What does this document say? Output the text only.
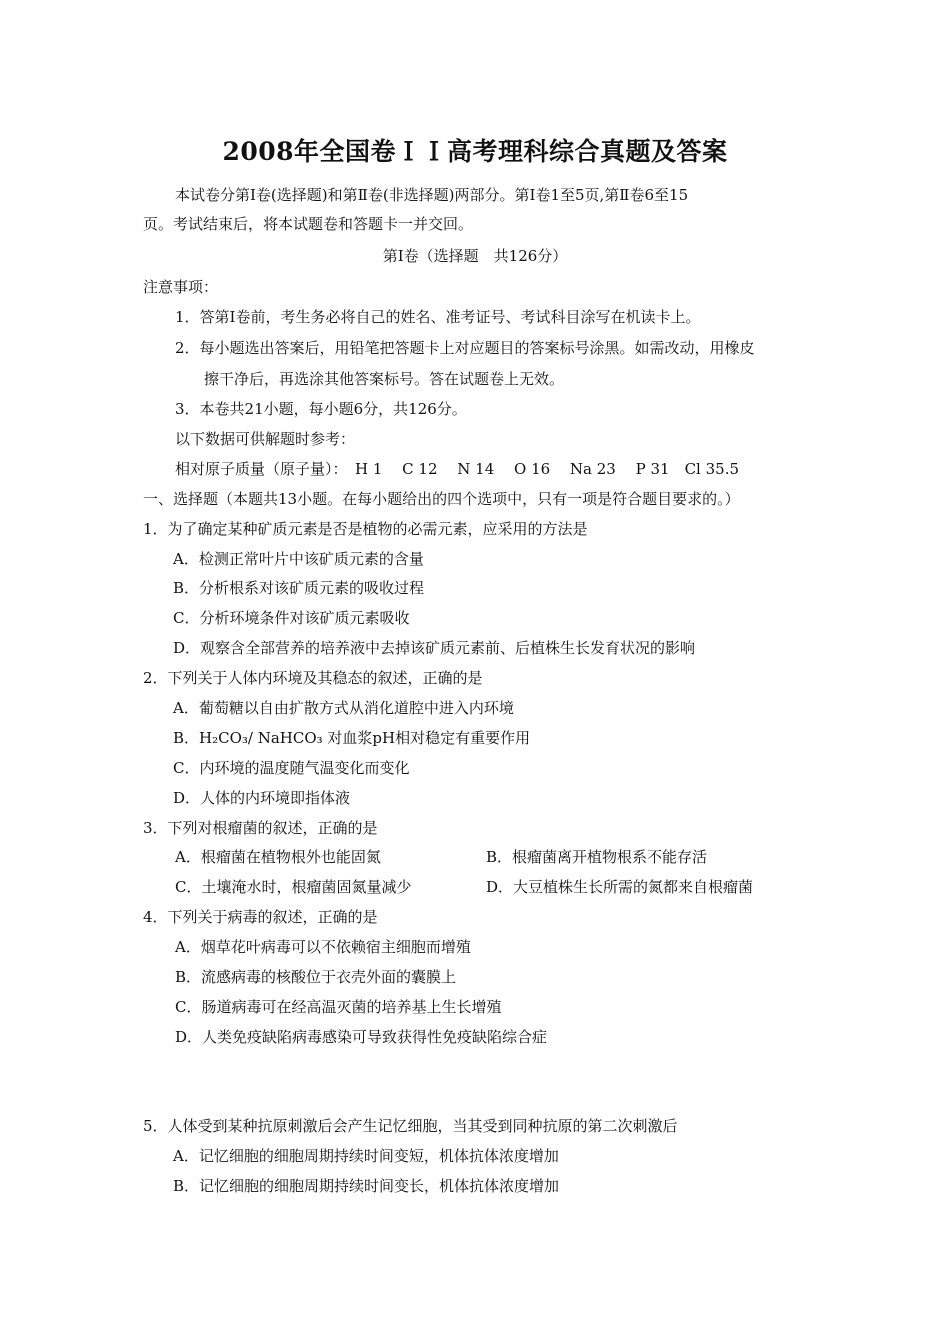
2008年全国卷ＩＩ高考理科综合真题及答案
本试卷分第Ⅰ卷(选择题)和第Ⅱ卷(非选择题)两部分。第Ⅰ卷1至5页,第Ⅱ卷6至15
页。考试结束后，将本试题卷和答题卡一并交回。
第Ⅰ卷（选择题　共126分）
注意事项：
1．答第Ⅰ卷前，考生务必将自己的姓名、准考证号、考试科目涂写在机读卡上。
2．每小题选出答案后，用铅笔把答题卡上对应题目的答案标号涂黑。如需改动，用橡皮
擦干净后，再选涂其他答案标号。答在试题卷上无效。
3．本卷共21小题，每小题6分，共126分。
以下数据可供解题时参考：
相对原子质量（原子量）：　H 1　 C 12　 N 14　 O 16　 Na 23　 P 31　Cl 35.5
一、选择题（本题共13小题。在每小题给出的四个选项中，只有一项是符合题目要求的。）
1．为了确定某种矿质元素是否是植物的必需元素，应采用的方法是
A．检测正常叶片中该矿质元素的含量
B．分析根系对该矿质元素的吸收过程
C．分析环境条件对该矿质元素吸收
D．观察含全部营养的培养液中去掉该矿质元素前、后植株生长发育状况的影响
2．下列关于人体内环境及其稳态的叙述，正确的是
A．葡萄糖以自由扩散方式从消化道腔中进入内环境
B．H₂CO₃/ NaHCO₃ 对血浆pH相对稳定有重要作用
C．内环境的温度随气温变化而变化
D．人体的内环境即指体液
3．下列对根瘤菌的叙述，正确的是
A．根瘤菌在植物根外也能固氮	B．根瘤菌离开植物根系不能存活
C．土壤淹水时，根瘤菌固氮量减少	D．大豆植株生长所需的氮都来自根瘤菌
4．下列关于病毒的叙述，正确的是
A．烟草花叶病毒可以不依赖宿主细胞而增殖
B．流感病毒的核酸位于衣壳外面的囊膜上
C．肠道病毒可在经高温灭菌的培养基上生长增殖
D．人类免疫缺陷病毒感染可导致获得性免疫缺陷综合症
5．人体受到某种抗原刺激后会产生记忆细胞，当其受到同种抗原的第二次刺激后
A．记忆细胞的细胞周期持续时间变短，机体抗体浓度增加
B．记忆细胞的细胞周期持续时间变长，机体抗体浓度增加
